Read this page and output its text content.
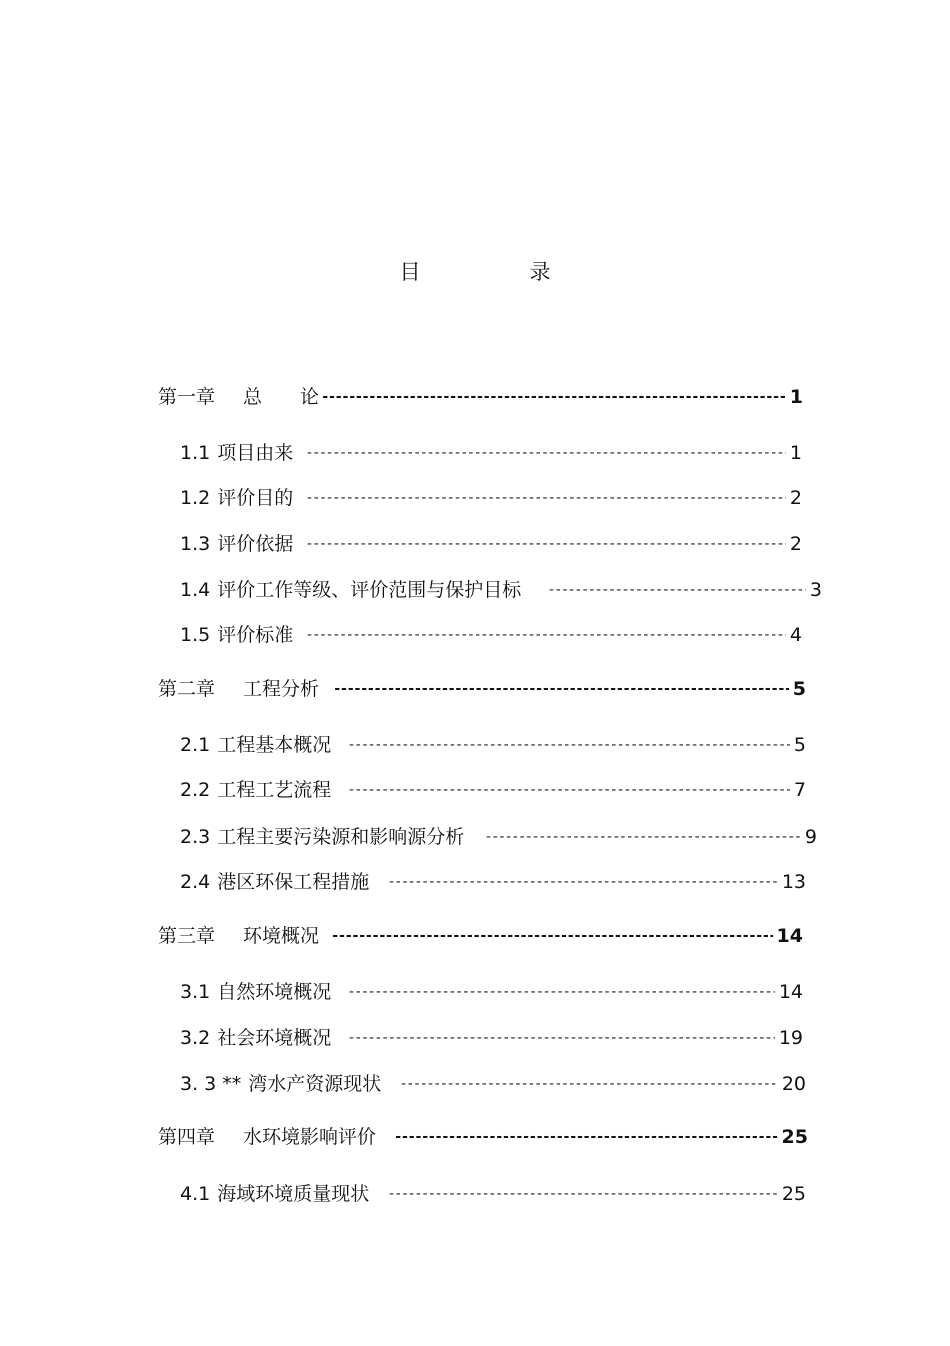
目　录
第一章 总　　论 -----	1
1.1 项目由来 -----	1
1.2 评价目的 -----	2
1.3 评价依据 -----	2
1.4 评价工作等级、评价范围与保护目标 -----	3
1.5 评价标准 -----	4
第二章 工程分析 -----	5
2.1 工程基本概况 -----	5
2.2 工程工艺流程 -----	7
2.3 工程主要污染源和影响源分析 -----	9
2.4 港区环保工程措施 -----	13
第三章 环境概况 -----	14
3.1 自然环境概况 -----	14
3.2 社会环境概况 -----	19
3. 3 ** 湾水产资源现状 -----	20
第四章 水环境影响评价 -----	25
4.1 海域环境质量现状 -----	25
